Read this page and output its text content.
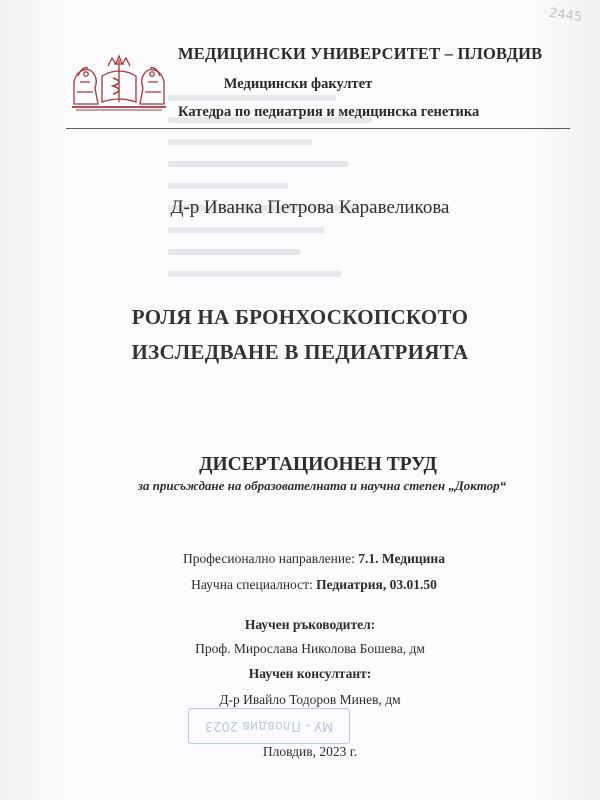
2445
МЕДИЦИНСКИ УНИВЕРСИТЕТ – ПЛОВДИВ
Медицински факултет
Катедра по педиатрия и медицинска генетика
Д-р Иванка Петрова Каравеликова
РОЛЯ НА БРОНХОСКОПСКОТО
ИЗСЛЕДВАНЕ В ПЕДИАТРИЯТА
ДИСЕРТАЦИОНЕН ТРУД
за присъждане на образователната и научна степен „Доктор“
Професионално направление: 7.1. Медицина
Научна специалност: Педиатрия, 03.01.50
Научен ръководител:
Проф. Мирослава Николова Бошева, дм
Научен консултант:
Д-р Ивайло Тодоров Минев, дм
МУ - Пловдив 2023
Пловдив, 2023 г.
